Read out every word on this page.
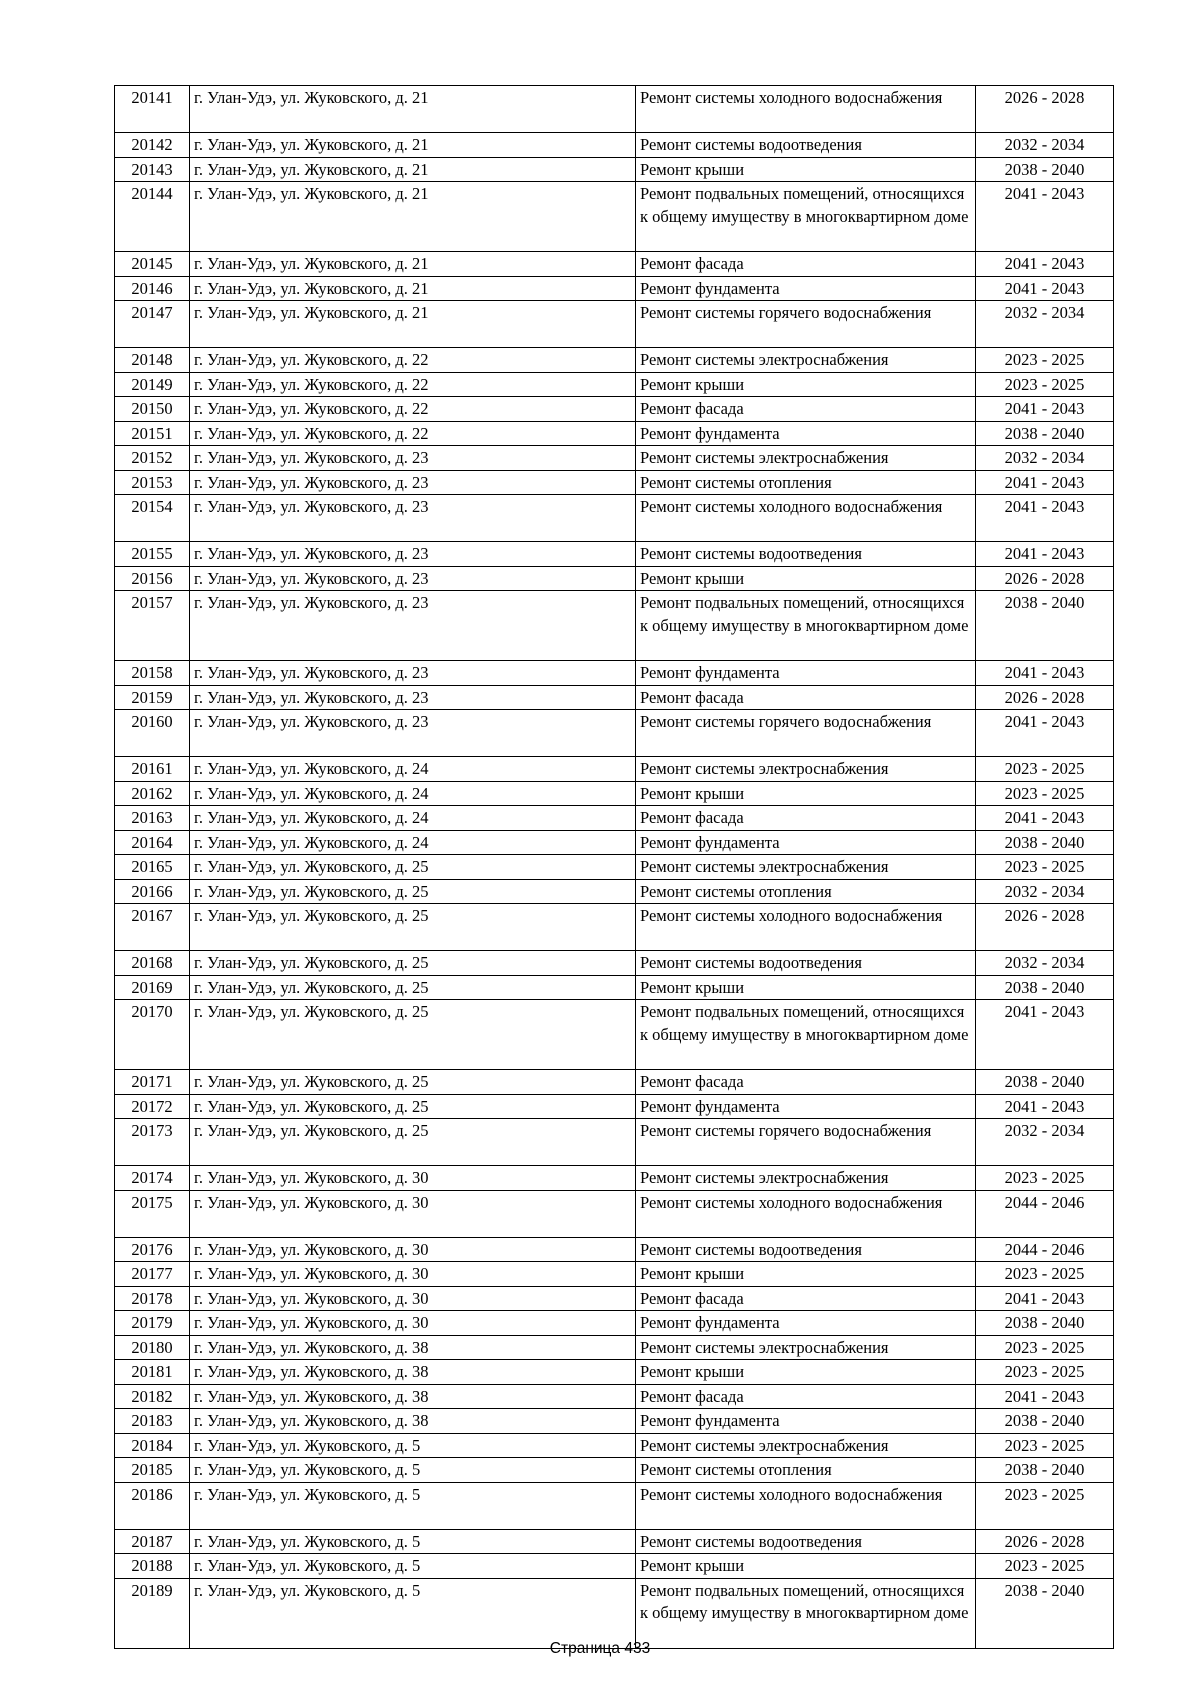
20141	г. Улан-Удэ, ул. Жуковского, д. 21	Ремонт системы холодного водоснабжения	2026 - 2028
20142	г. Улан-Удэ, ул. Жуковского, д. 21	Ремонт системы водоотведения	2032 - 2034
20143	г. Улан-Удэ, ул. Жуковского, д. 21	Ремонт крыши	2038 - 2040
20144	г. Улан-Удэ, ул. Жуковского, д. 21	Ремонт подвальных помещений, относящихся к общему имуществу в многоквартирном доме	2041 - 2043
20145	г. Улан-Удэ, ул. Жуковского, д. 21	Ремонт фасада	2041 - 2043
20146	г. Улан-Удэ, ул. Жуковского, д. 21	Ремонт фундамента	2041 - 2043
20147	г. Улан-Удэ, ул. Жуковского, д. 21	Ремонт системы горячего водоснабжения	2032 - 2034
20148	г. Улан-Удэ, ул. Жуковского, д. 22	Ремонт системы электроснабжения	2023 - 2025
20149	г. Улан-Удэ, ул. Жуковского, д. 22	Ремонт крыши	2023 - 2025
20150	г. Улан-Удэ, ул. Жуковского, д. 22	Ремонт фасада	2041 - 2043
20151	г. Улан-Удэ, ул. Жуковского, д. 22	Ремонт фундамента	2038 - 2040
20152	г. Улан-Удэ, ул. Жуковского, д. 23	Ремонт системы электроснабжения	2032 - 2034
20153	г. Улан-Удэ, ул. Жуковского, д. 23	Ремонт системы отопления	2041 - 2043
20154	г. Улан-Удэ, ул. Жуковского, д. 23	Ремонт системы холодного водоснабжения	2041 - 2043
20155	г. Улан-Удэ, ул. Жуковского, д. 23	Ремонт системы водоотведения	2041 - 2043
20156	г. Улан-Удэ, ул. Жуковского, д. 23	Ремонт крыши	2026 - 2028
20157	г. Улан-Удэ, ул. Жуковского, д. 23	Ремонт подвальных помещений, относящихся к общему имуществу в многоквартирном доме	2038 - 2040
20158	г. Улан-Удэ, ул. Жуковского, д. 23	Ремонт фундамента	2041 - 2043
20159	г. Улан-Удэ, ул. Жуковского, д. 23	Ремонт фасада	2026 - 2028
20160	г. Улан-Удэ, ул. Жуковского, д. 23	Ремонт системы горячего водоснабжения	2041 - 2043
20161	г. Улан-Удэ, ул. Жуковского, д. 24	Ремонт системы электроснабжения	2023 - 2025
20162	г. Улан-Удэ, ул. Жуковского, д. 24	Ремонт крыши	2023 - 2025
20163	г. Улан-Удэ, ул. Жуковского, д. 24	Ремонт фасада	2041 - 2043
20164	г. Улан-Удэ, ул. Жуковского, д. 24	Ремонт фундамента	2038 - 2040
20165	г. Улан-Удэ, ул. Жуковского, д. 25	Ремонт системы электроснабжения	2023 - 2025
20166	г. Улан-Удэ, ул. Жуковского, д. 25	Ремонт системы отопления	2032 - 2034
20167	г. Улан-Удэ, ул. Жуковского, д. 25	Ремонт системы холодного водоснабжения	2026 - 2028
20168	г. Улан-Удэ, ул. Жуковского, д. 25	Ремонт системы водоотведения	2032 - 2034
20169	г. Улан-Удэ, ул. Жуковского, д. 25	Ремонт крыши	2038 - 2040
20170	г. Улан-Удэ, ул. Жуковского, д. 25	Ремонт подвальных помещений, относящихся к общему имуществу в многоквартирном доме	2041 - 2043
20171	г. Улан-Удэ, ул. Жуковского, д. 25	Ремонт фасада	2038 - 2040
20172	г. Улан-Удэ, ул. Жуковского, д. 25	Ремонт фундамента	2041 - 2043
20173	г. Улан-Удэ, ул. Жуковского, д. 25	Ремонт системы горячего водоснабжения	2032 - 2034
20174	г. Улан-Удэ, ул. Жуковского, д. 30	Ремонт системы электроснабжения	2023 - 2025
20175	г. Улан-Удэ, ул. Жуковского, д. 30	Ремонт системы холодного водоснабжения	2044 - 2046
20176	г. Улан-Удэ, ул. Жуковского, д. 30	Ремонт системы водоотведения	2044 - 2046
20177	г. Улан-Удэ, ул. Жуковского, д. 30	Ремонт крыши	2023 - 2025
20178	г. Улан-Удэ, ул. Жуковского, д. 30	Ремонт фасада	2041 - 2043
20179	г. Улан-Удэ, ул. Жуковского, д. 30	Ремонт фундамента	2038 - 2040
20180	г. Улан-Удэ, ул. Жуковского, д. 38	Ремонт системы электроснабжения	2023 - 2025
20181	г. Улан-Удэ, ул. Жуковского, д. 38	Ремонт крыши	2023 - 2025
20182	г. Улан-Удэ, ул. Жуковского, д. 38	Ремонт фасада	2041 - 2043
20183	г. Улан-Удэ, ул. Жуковского, д. 38	Ремонт фундамента	2038 - 2040
20184	г. Улан-Удэ, ул. Жуковского, д. 5	Ремонт системы электроснабжения	2023 - 2025
20185	г. Улан-Удэ, ул. Жуковского, д. 5	Ремонт системы отопления	2038 - 2040
20186	г. Улан-Удэ, ул. Жуковского, д. 5	Ремонт системы холодного водоснабжения	2023 - 2025
20187	г. Улан-Удэ, ул. Жуковского, д. 5	Ремонт системы водоотведения	2026 - 2028
20188	г. Улан-Удэ, ул. Жуковского, д. 5	Ремонт крыши	2023 - 2025
20189	г. Улан-Удэ, ул. Жуковского, д. 5	Ремонт подвальных помещений, относящихся к общему имуществу в многоквартирном доме	2038 - 2040
Страница 433
